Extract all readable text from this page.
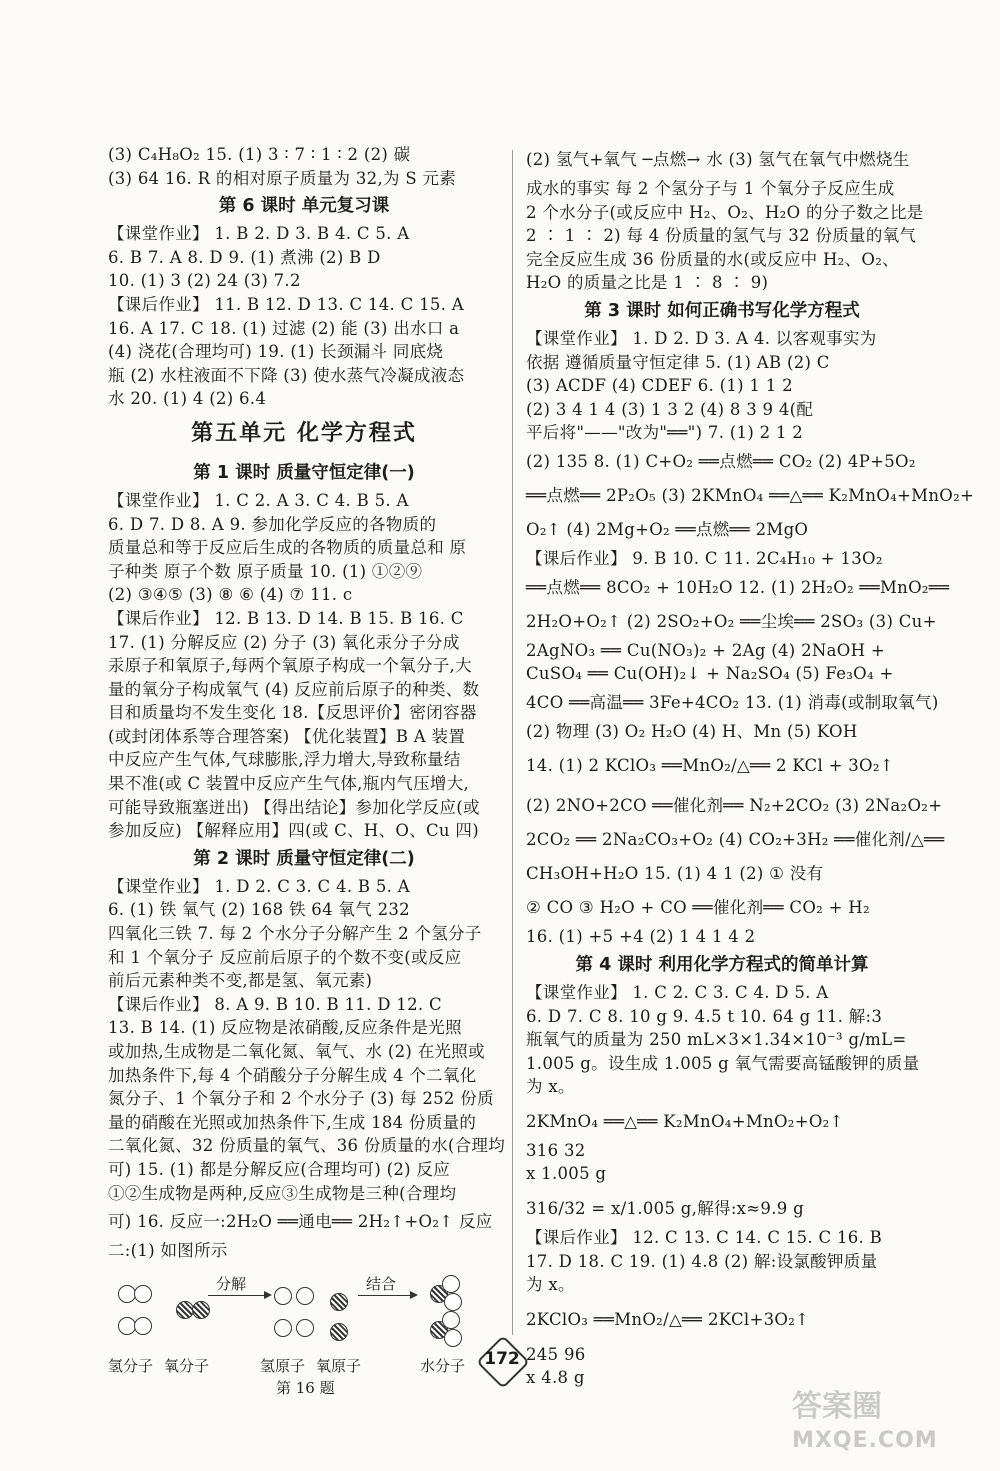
(3) C₄H₈O₂ 15. (1) 3 ∶ 7 ∶ 1 ∶ 2 (2) 碳
(3) 64 16. R 的相对原子质量为 32,为 S 元素
第 6 课时 单元复习课
【课堂作业】 1. B 2. D 3. B 4. C 5. A
6. B 7. A 8. D 9. (1) 煮沸 (2) B D
10. (1) 3 (2) 24 (3) 7.2
【课后作业】 11. B 12. D 13. C 14. C 15. A
16. A 17. C 18. (1) 过滤 (2) 能 (3) 出水口 a
(4) 浇花(合理均可) 19. (1) 长颈漏斗 同底烧
瓶 (2) 水柱液面不下降 (3) 使水蒸气冷凝成液态
水 20. (1) 4 (2) 6.4
第五单元 化学方程式
第 1 课时 质量守恒定律(一)
【课堂作业】 1. C 2. A 3. C 4. B 5. A
6. D 7. D 8. A 9. 参加化学反应的各物质的
质量总和等于反应后生成的各物质的质量总和 原
子种类 原子个数 原子质量 10. (1) ①②⑨
(2) ③④⑤ (3) ⑧ ⑥ (4) ⑦ 11. c
【课后作业】 12. B 13. D 14. B 15. B 16. C
17. (1) 分解反应 (2) 分子 (3) 氧化汞分子分成
汞原子和氧原子,每两个氧原子构成一个氧分子,大
量的氧分子构成氧气 (4) 反应前后原子的种类、数
目和质量均不发生变化 18.【反思评价】密闭容器
(或封闭体系等合理答案) 【优化装置】B A 装置
中反应产生气体,气球膨胀,浮力增大,导致称量结
果不准(或 C 装置中反应产生气体,瓶内气压增大,
可能导致瓶塞迸出) 【得出结论】参加化学反应(或
参加反应) 【解释应用】四(或 C、H、O、Cu 四)
第 2 课时 质量守恒定律(二)
【课堂作业】 1. D 2. C 3. C 4. B 5. A
6. (1) 铁 氧气 (2) 168 铁 64 氧气 232
四氧化三铁 7. 每 2 个水分子分解产生 2 个氢分子
和 1 个氧分子 反应前后原子的个数不变(或反应
前后元素种类不变,都是氢、氧元素)
【课后作业】 8. A 9. B 10. B 11. D 12. C
13. B 14. (1) 反应物是浓硝酸,反应条件是光照
或加热,生成物是二氧化氮、氧气、水 (2) 在光照或
加热条件下,每 4 个硝酸分子分解生成 4 个二氧化
氮分子、1 个氧分子和 2 个水分子 (3) 每 252 份质
量的硝酸在光照或加热条件下,生成 184 份质量的
二氧化氮、32 份质量的氧气、36 份质量的水(合理均
可) 15. (1) 都是分解反应(合理均可) (2) 反应
①②生成物是两种,反应③生成物是三种(合理均
可) 16. 反应一:2H₂O ══通电══ 2H₂↑+O₂↑ 反应
二:(1) 如图所示
分解	结合
氢分子 氧分子	氢原子 氧原子	水分子
第 16 题
(2) 氢气+氧气 ─点燃→ 水 (3) 氢气在氧气中燃烧生
成水的事实 每 2 个氢分子与 1 个氧分子反应生成
2 个水分子(或反应中 H₂、O₂、H₂O 的分子数之比是
2 ∶ 1 ∶ 2) 每 4 份质量的氢气与 32 份质量的氧气
完全反应生成 36 份质量的水(或反应中 H₂、O₂、
H₂O 的质量之比是 1 ∶ 8 ∶ 9)
第 3 课时 如何正确书写化学方程式
【课堂作业】 1. D 2. D 3. A 4. 以客观事实为
依据 遵循质量守恒定律 5. (1) AB (2) C
(3) ACDF (4) CDEF 6. (1) 1 1 2
(2) 3 4 1 4 (3) 1 3 2 (4) 8 3 9 4(配
平后将"——"改为"══") 7. (1) 2 1 2
(2) 135 8. (1) C+O₂ ══点燃══ CO₂ (2) 4P+5O₂
══点燃══ 2P₂O₅ (3) 2KMnO₄ ══△══ K₂MnO₄+MnO₂+
O₂↑ (4) 2Mg+O₂ ══点燃══ 2MgO
【课后作业】 9. B 10. C 11. 2C₄H₁₀ + 13O₂
══点燃══ 8CO₂ + 10H₂O 12. (1) 2H₂O₂ ══MnO₂══
2H₂O+O₂↑ (2) 2SO₂+O₂ ══尘埃══ 2SO₃ (3) Cu+
2AgNO₃ ══ Cu(NO₃)₂ + 2Ag (4) 2NaOH +
CuSO₄ ══ Cu(OH)₂↓ + Na₂SO₄ (5) Fe₃O₄ +
4CO ══高温══ 3Fe+4CO₂ 13. (1) 消毒(或制取氧气)
(2) 物理 (3) O₂ H₂O (4) H、Mn (5) KOH
14. (1) 2 KClO₃ ══MnO₂/△══ 2 KCl + 3O₂↑
(2) 2NO+2CO ══催化剂══ N₂+2CO₂ (3) 2Na₂O₂+
2CO₂ ══ 2Na₂CO₃+O₂ (4) CO₂+3H₂ ══催化剂/△══
CH₃OH+H₂O 15. (1) 4 1 (2) ① 没有
② CO ③ H₂O + CO ══催化剂══ CO₂ + H₂
16. (1) +5 +4 (2) 1 4 1 4 2
第 4 课时 利用化学方程式的简单计算
【课堂作业】 1. C 2. C 3. C 4. D 5. A
6. D 7. C 8. 10 g 9. 4.5 t 10. 64 g 11. 解:3
瓶氧气的质量为 250 mL×3×1.34×10⁻³ g/mL=
1.005 g。设生成 1.005 g 氧气需要高锰酸钾的质量
为 x。
2KMnO₄ ══△══ K₂MnO₄+MnO₂+O₂↑
316 32
x 1.005 g
316/32 = x/1.005 g,解得:x≈9.9 g
【课后作业】 12. C 13. C 14. C 15. C 16. B
17. D 18. C 19. (1) 4.8 (2) 解:设氯酸钾质量
为 x。
2KClO₃ ══MnO₂/△══ 2KCl+3O₂↑
245 96
x 4.8 g
172
答案圈
MXQE.COM
